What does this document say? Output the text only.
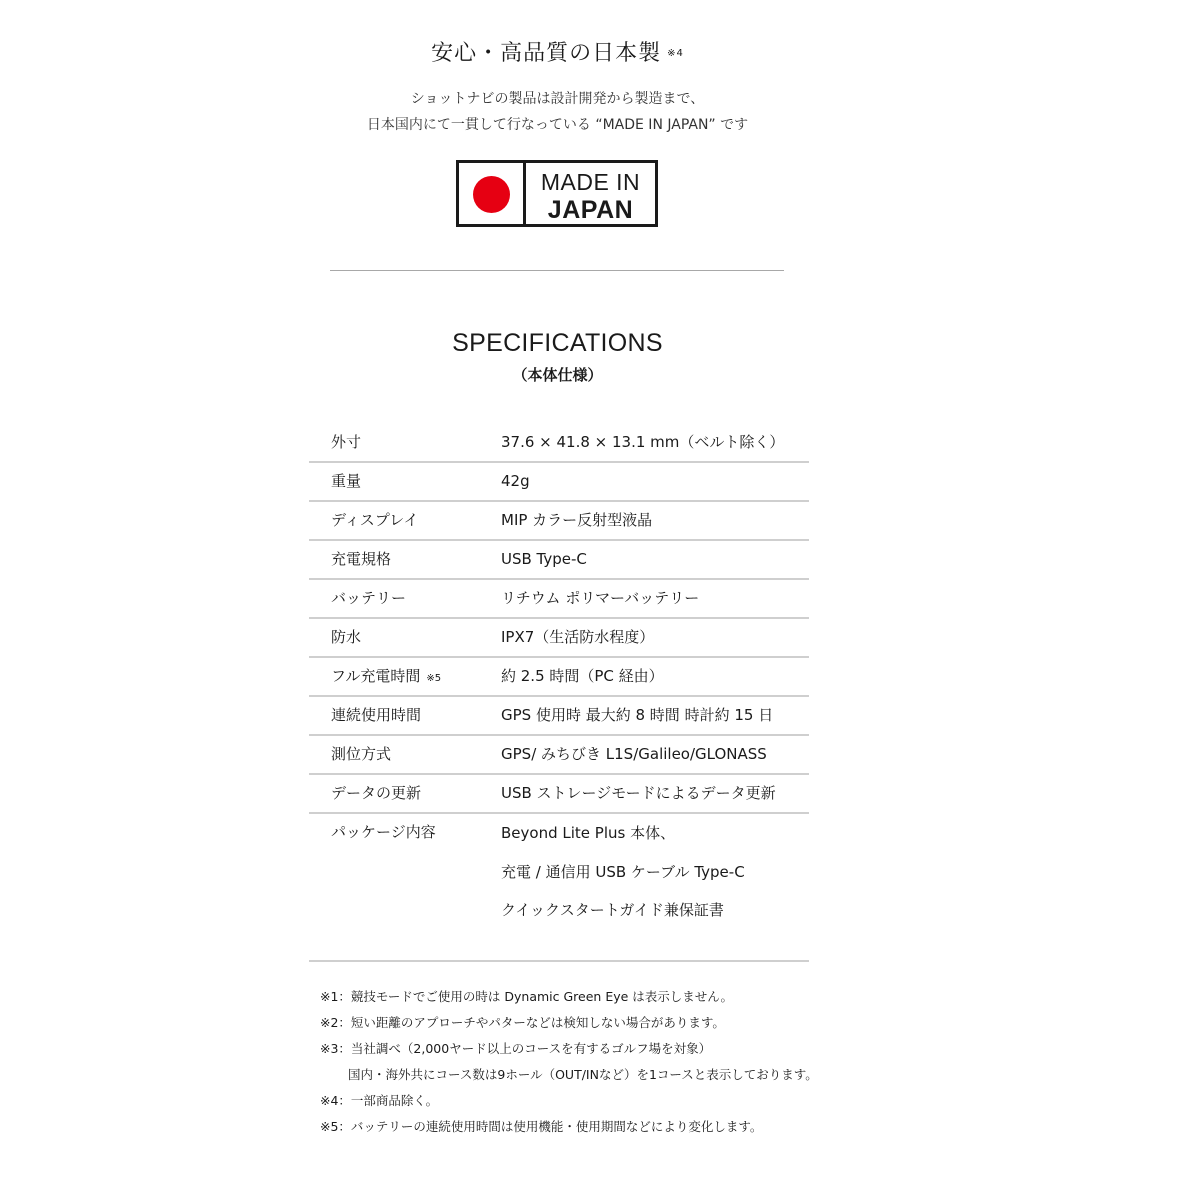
安心・高品質の日本製 ※4
ショットナビの製品は設計開発から製造まで、
日本国内にて一貫して行なっている “MADE IN JAPAN” です
MADE IN
JAPAN
SPECIFICATIONS
（本体仕様）
外寸	37.6 × 41.8 × 13.1 mm（ベルト除く）
重量	42g
ディスプレイ	MIP カラー反射型液晶
充電規格	USB Type-C
バッテリー	リチウム ポリマーバッテリー
防水	IPX7（生活防水程度）
フル充電時間 ※5	約 2.5 時間（PC 経由）
連続使用時間	GPS 使用時 最大約 8 時間 時計約 15 日
測位方式	GPS/ みちびき L1S/Galileo/GLONASS
データの更新	USB ストレージモードによるデータ更新
パッケージ内容	Beyond Lite Plus 本体、
充電 / 通信用 USB ケーブル Type-C
クイックスタートガイド兼保証書
※1：競技モードでご使用の時は Dynamic Green Eye は表示しません。
※2：短い距離のアプローチやパターなどは検知しない場合があります。
※3：当社調べ（2,000ヤード以上のコースを有するゴルフ場を対象）
国内・海外共にコース数は9ホール（OUT/INなど）を1コースと表示しております。
※4：一部商品除く。
※5：バッテリーの連続使用時間は使用機能・使用期間などにより変化します。
